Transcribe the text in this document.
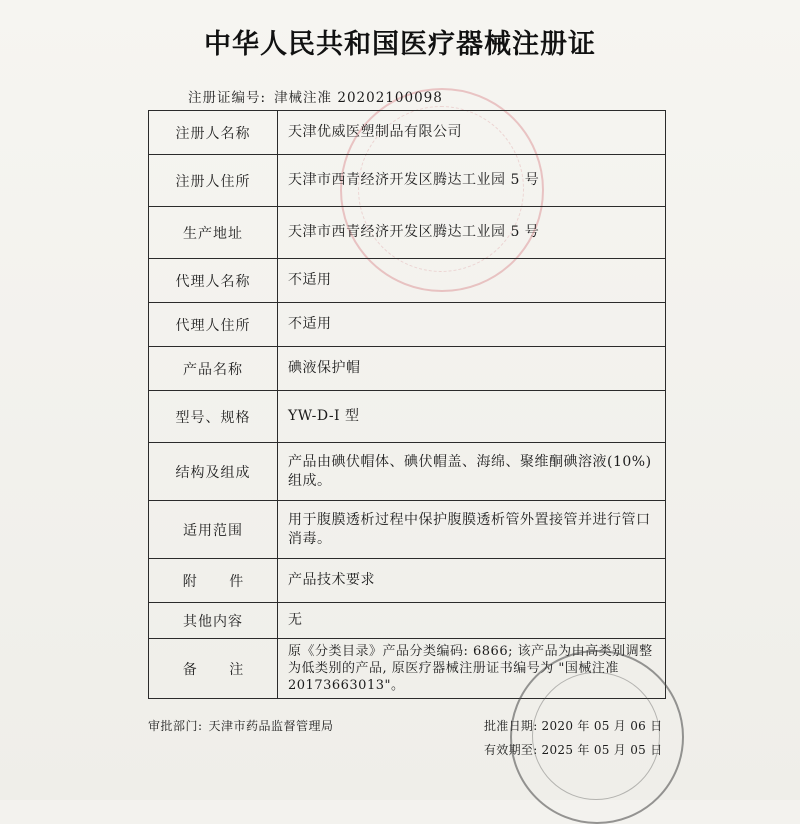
中华人民共和国医疗器械注册证
注册证编号: 津械注准 20202100098
注册人名称	天津优威医塑制品有限公司
注册人住所	天津市西青经济开发区腾达工业园 5 号
生产地址	天津市西青经济开发区腾达工业园 5 号
代理人名称	不适用
代理人住所	不适用
产品名称	碘液保护帽
型号、规格	YW-D-I 型
结构及组成	产品由碘伏帽体、碘伏帽盖、海绵、聚维酮碘溶液(10%)组成。
适用范围	用于腹膜透析过程中保护腹膜透析管外置接管并进行管口消毒。
附 件	产品技术要求
其他内容	无
备 注	原《分类目录》产品分类编码: 6866; 该产品为由高类别调整为低类别的产品, 原医疗器械注册证书编号为 "国械注准 20173663013"。
审批部门: 天津市药品监督管理局	批准日期: 2020 年 05 月 06 日
有效期至: 2025 年 05 月 05 日
